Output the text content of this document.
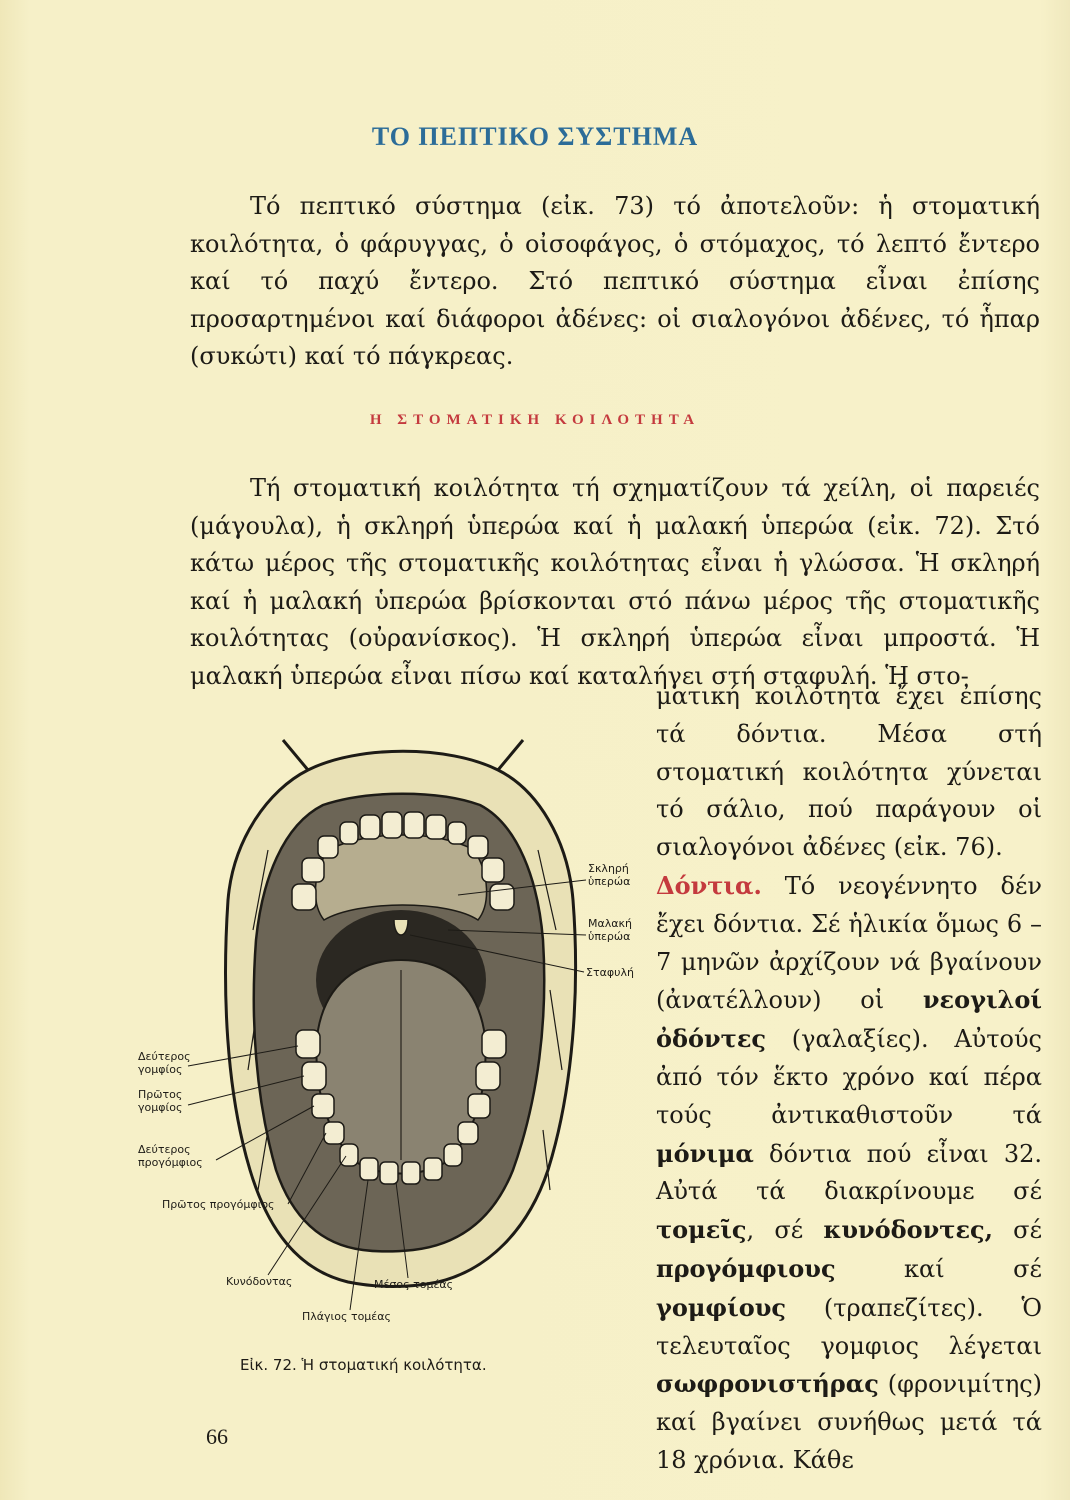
ΤΟ ΠΕΠΤΙΚΟ ΣΥΣΤΗΜΑ

Τό πεπτικό σύστημα (εἰκ. 73) τό ἀποτελοῦν: ἡ στοματική κοιλότητα, ὁ φάρυγγας, ὁ οἰσοφάγος, ὁ στόμαχος, τό λεπτό ἔντερο καί τό παχύ ἔντερο. Στό πεπτικό σύστημα εἶναι ἐπίσης προσαρτημένοι καί διάφοροι ἀδένες: οἱ σιαλογόνοι ἀδένες, τό ἧπαρ (συκώτι) καί τό πάγκρεας.

Η ΣΤΟΜΑΤΙΚΗ ΚΟΙΛΟΤΗΤΑ

Τή στοματική κοιλότητα τή σχηματίζουν τά χείλη, οἱ παρειές (μάγουλα), ἡ σκληρή ὑπερώα καί ἡ μαλακή ὑπερώα (εἰκ. 72). Στό κάτω μέρος τῆς στοματικῆς κοιλότητας εἶναι ἡ γλώσσα. Ἡ σκληρή καί ἡ μαλακή ὑπερώα βρίσκονται στό πάνω μέρος τῆς στοματικῆς κοιλότητας (οὐρανίσκος). Ἡ σκληρή ὑπερώα εἶναι μπροστά. Ἡ μαλακή ὑπερώα εἶναι πίσω καί καταλήγει στή σταφυλή. Ἡ στο-

ματική κοιλότητα ἔχει ἐπίσης τά δόντια. Μέσα στή στοματική κοιλότητα χύνεται τό σάλιο, πού παράγουν οἱ σιαλογόνοι ἀδένες (εἰκ. 76).

Δόντια. Τό νεογέννητο δέν ἔχει δόντια. Σέ ἡλικία ὅμως 6 – 7 μηνῶν ἀρχίζουν νά βγαίνουν (ἀνατέλλουν) οἱ νεογιλοί ὀδόντες (γαλαξίες). Αὐτούς ἀπό τόν ἕκτο χρόνο καί πέρα τούς ἀντικαθιστοῦν τά μόνιμα δόντια πού εἶναι 32. Αὐτά τά διακρίνουμε σέ τομεῖς, σέ κυνόδοντες, σέ προγόμφιους καί σέ γομφίους (τραπεζίτες). Ὁ τελευταῖος γομφιος λέγεται σωφρονιστήρας (φρονιμίτης) καί βγαίνει συνήθως μετά τά 18 χρόνια. Κάθε

Σκληρή
ὑπερώα
Μαλακή
ὑπερώα
Σταφυλή
Δεύτερος
γομφίος
Πρῶτος
γομφίος
Δεύτερος
προγόμφιος
Πρῶτος προγόμφιος
Κυνόδοντας	Μέσος τομέας
Πλάγιος τομέας

Εἰκ. 72. Ἡ στοματική κοιλότητα.

66
